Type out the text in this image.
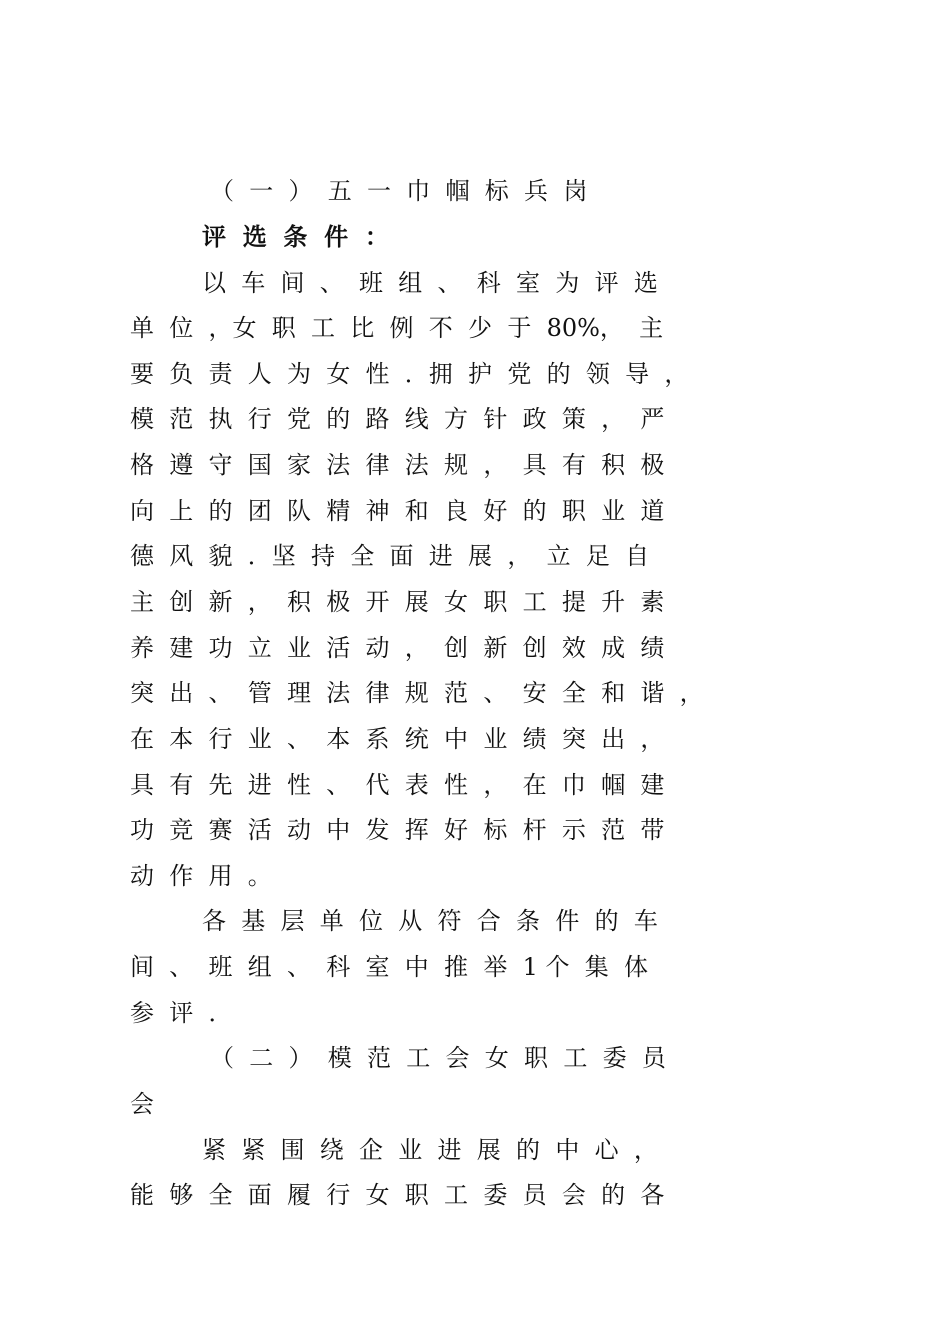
（  一  ）  五  一  巾  帼  标  兵  岗
评  选  条  件  ：
以  车  间  、  班  组  、  科  室  为  评  选
单  位  ，女  职  工  比  例  不  少  于  80%，  主
要  负  责  人  为  女  性  ．拥  护  党  的  领  导  ，
模  范  执  行  党  的  路  线  方  针  政  策  ，  严
格  遵  守  国  家  法  律  法  规  ，  具  有  积  极
向  上  的  团  队  精  神  和  良  好  的  职  业  道
德  风  貌  ．坚  持  全  面  进  展  ，  立  足  自
主  创  新  ，  积  极  开  展  女  职  工  提  升  素
养  建  功  立  业  活  动  ，  创  新  创  效  成  绩
突  出  、  管  理  法  律  规  范  、  安  全  和  谐  ，
在  本  行  业  、  本  系  统  中  业  绩  突  出  ，
具  有  先  进  性  、  代  表  性  ，  在  巾  帼  建
功  竞  赛  活  动  中  发  挥  好  标  杆  示  范  带
动  作  用  。
各  基  层  单  位  从  符  合  条  件  的  车
间  、  班  组  、  科  室  中  推  举  1 个  集  体
参  评  ．
（  二  ）  模  范  工  会  女  职  工  委  员
会
紧  紧  围  绕  企  业  进  展  的  中  心  ，
能  够  全  面  履  行  女  职  工  委  员  会  的  各
